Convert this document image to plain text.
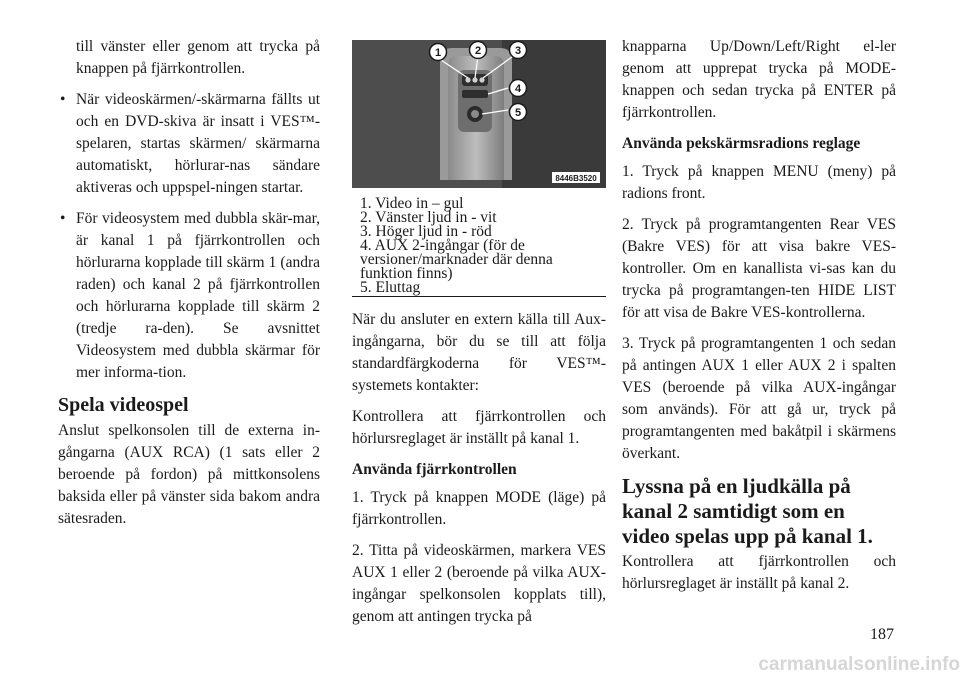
till vänster eller genom att trycka på knappen på fjärrkontrollen.

• När videoskärmen/-skärmarna fällts ut och en DVD-skiva är insatt i VES™-spelaren, startas skärmen/ skärmarna automatiskt, hörlurar-nas sändare aktiveras och uppspel-ningen startar.
• För videosystem med dubbla skär-mar, är kanal 1 på fjärrkontrollen och hörlurarna kopplade till skärm 1 (andra raden) och kanal 2 på fjärrkontrollen och hörlurarna kopplade till skärm 2 (tredje ra-den). Se avsnittet Videosystem med dubbla skärmar för mer informa-tion.
Spela videospel

Anslut spelkonsolen till de externa in-gångarna (AUX RCA) (1 sats eller 2 beroende på fordon) på mittkonsolens baksida eller på vänster sida bakom andra sätesraden.

1	2	3
4
5
8446B3520
1. Video in – gul
2. Vänster ljud in - vit
3. Höger ljud in - röd
4. AUX 2-ingångar (för de versioner/marknader där denna funktion finns)
5. Eluttag

När du ansluter en extern källa till Aux-ingångarna, bör du se till att följa standardfärgkoderna för VES™-systemets kontakter:

Kontrollera att fjärrkontrollen och hörlursreglaget är inställt på kanal 1.

Använda fjärrkontrollen

1. Tryck på knappen MODE (läge) på fjärrkontrollen.

2. Titta på videoskärmen, markera VES AUX 1 eller 2 (beroende på vilka AUX-ingångar spelkonsolen kopplats till), genom att antingen trycka på

knapparna Up/Down/Left/Right el-ler genom att upprepat trycka på MODE-knappen och sedan trycka på ENTER på fjärrkontrollen.

Använda pekskärmsradions reglage

1. Tryck på knappen MENU (meny) på radions front.

2. Tryck på programtangenten Rear VES (Bakre VES) för att visa bakre VES-kontroller. Om en kanallista vi-sas kan du trycka på programtangen-ten HIDE LIST för att visa de Bakre VES-kontrollerna.

3. Tryck på programtangenten 1 och sedan på antingen AUX 1 eller AUX 2 i spalten VES (beroende på vilka AUX-ingångar som används). För att gå ur, tryck på programtangenten med bakåtpil i skärmens överkant.

Lyssna på en ljudkälla på kanal 2 samtidigt som en video spelas upp på kanal 1.

Kontrollera att fjärrkontrollen och hörlursreglaget är inställt på kanal 2.

187
carmanualsonline.info
